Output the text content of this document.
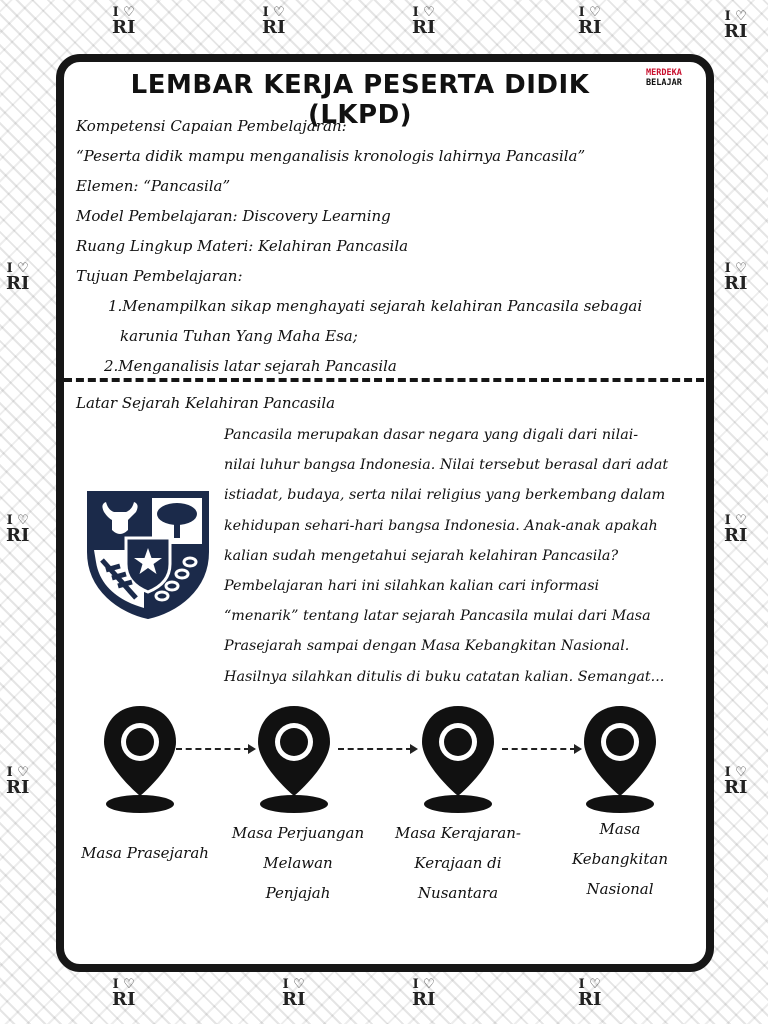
I ♡
RI
I ♡
RI
I ♡
RI
I ♡
RI
I ♡
RI
I ♡
RI
I ♡
RI
I ♡
RI
I ♡
RI
I ♡
RI
I ♡
RI
I ♡
RI
I ♡
RI
I ♡
RI
I ♡
RI
LEMBAR KERJA PESERTA DIDIK (LKPD)
MERDEKA
BELAJAR
Kompetensi Capaian Pembelajaran:
“Peserta didik mampu menganalisis kronologis lahirnya Pancasila”
Elemen: “Pancasila”
Model Pembelajaran: Discovery Learning
Ruang Lingkup Materi: Kelahiran Pancasila
Tujuan Pembelajaran:
1.Menampilkan sikap menghayati sejarah kelahiran Pancasila sebagai
karunia Tuhan Yang Maha Esa;
2.Menganalisis latar sejarah Pancasila
Latar Sejarah Kelahiran Pancasila
Pancasila merupakan dasar negara yang digali dari nilai-
nilai luhur bangsa Indonesia. Nilai tersebut berasal dari adat
istiadat, budaya, serta nilai religius yang berkembang dalam
kehidupan sehari-hari bangsa Indonesia. Anak-anak apakah
kalian sudah mengetahui sejarah kelahiran Pancasila?
Pembelajaran hari ini silahkan kalian cari informasi
“menarik” tentang latar sejarah Pancasila mulai dari Masa
Prasejarah sampai dengan Masa Kebangkitan Nasional.
Hasilnya silahkan ditulis di buku catatan kalian. Semangat...
Masa Prasejarah
Masa Perjuangan
Melawan
Penjajah
Masa Kerajaran-
Kerajaan di
Nusantara
Masa
Kebangkitan
Nasional
